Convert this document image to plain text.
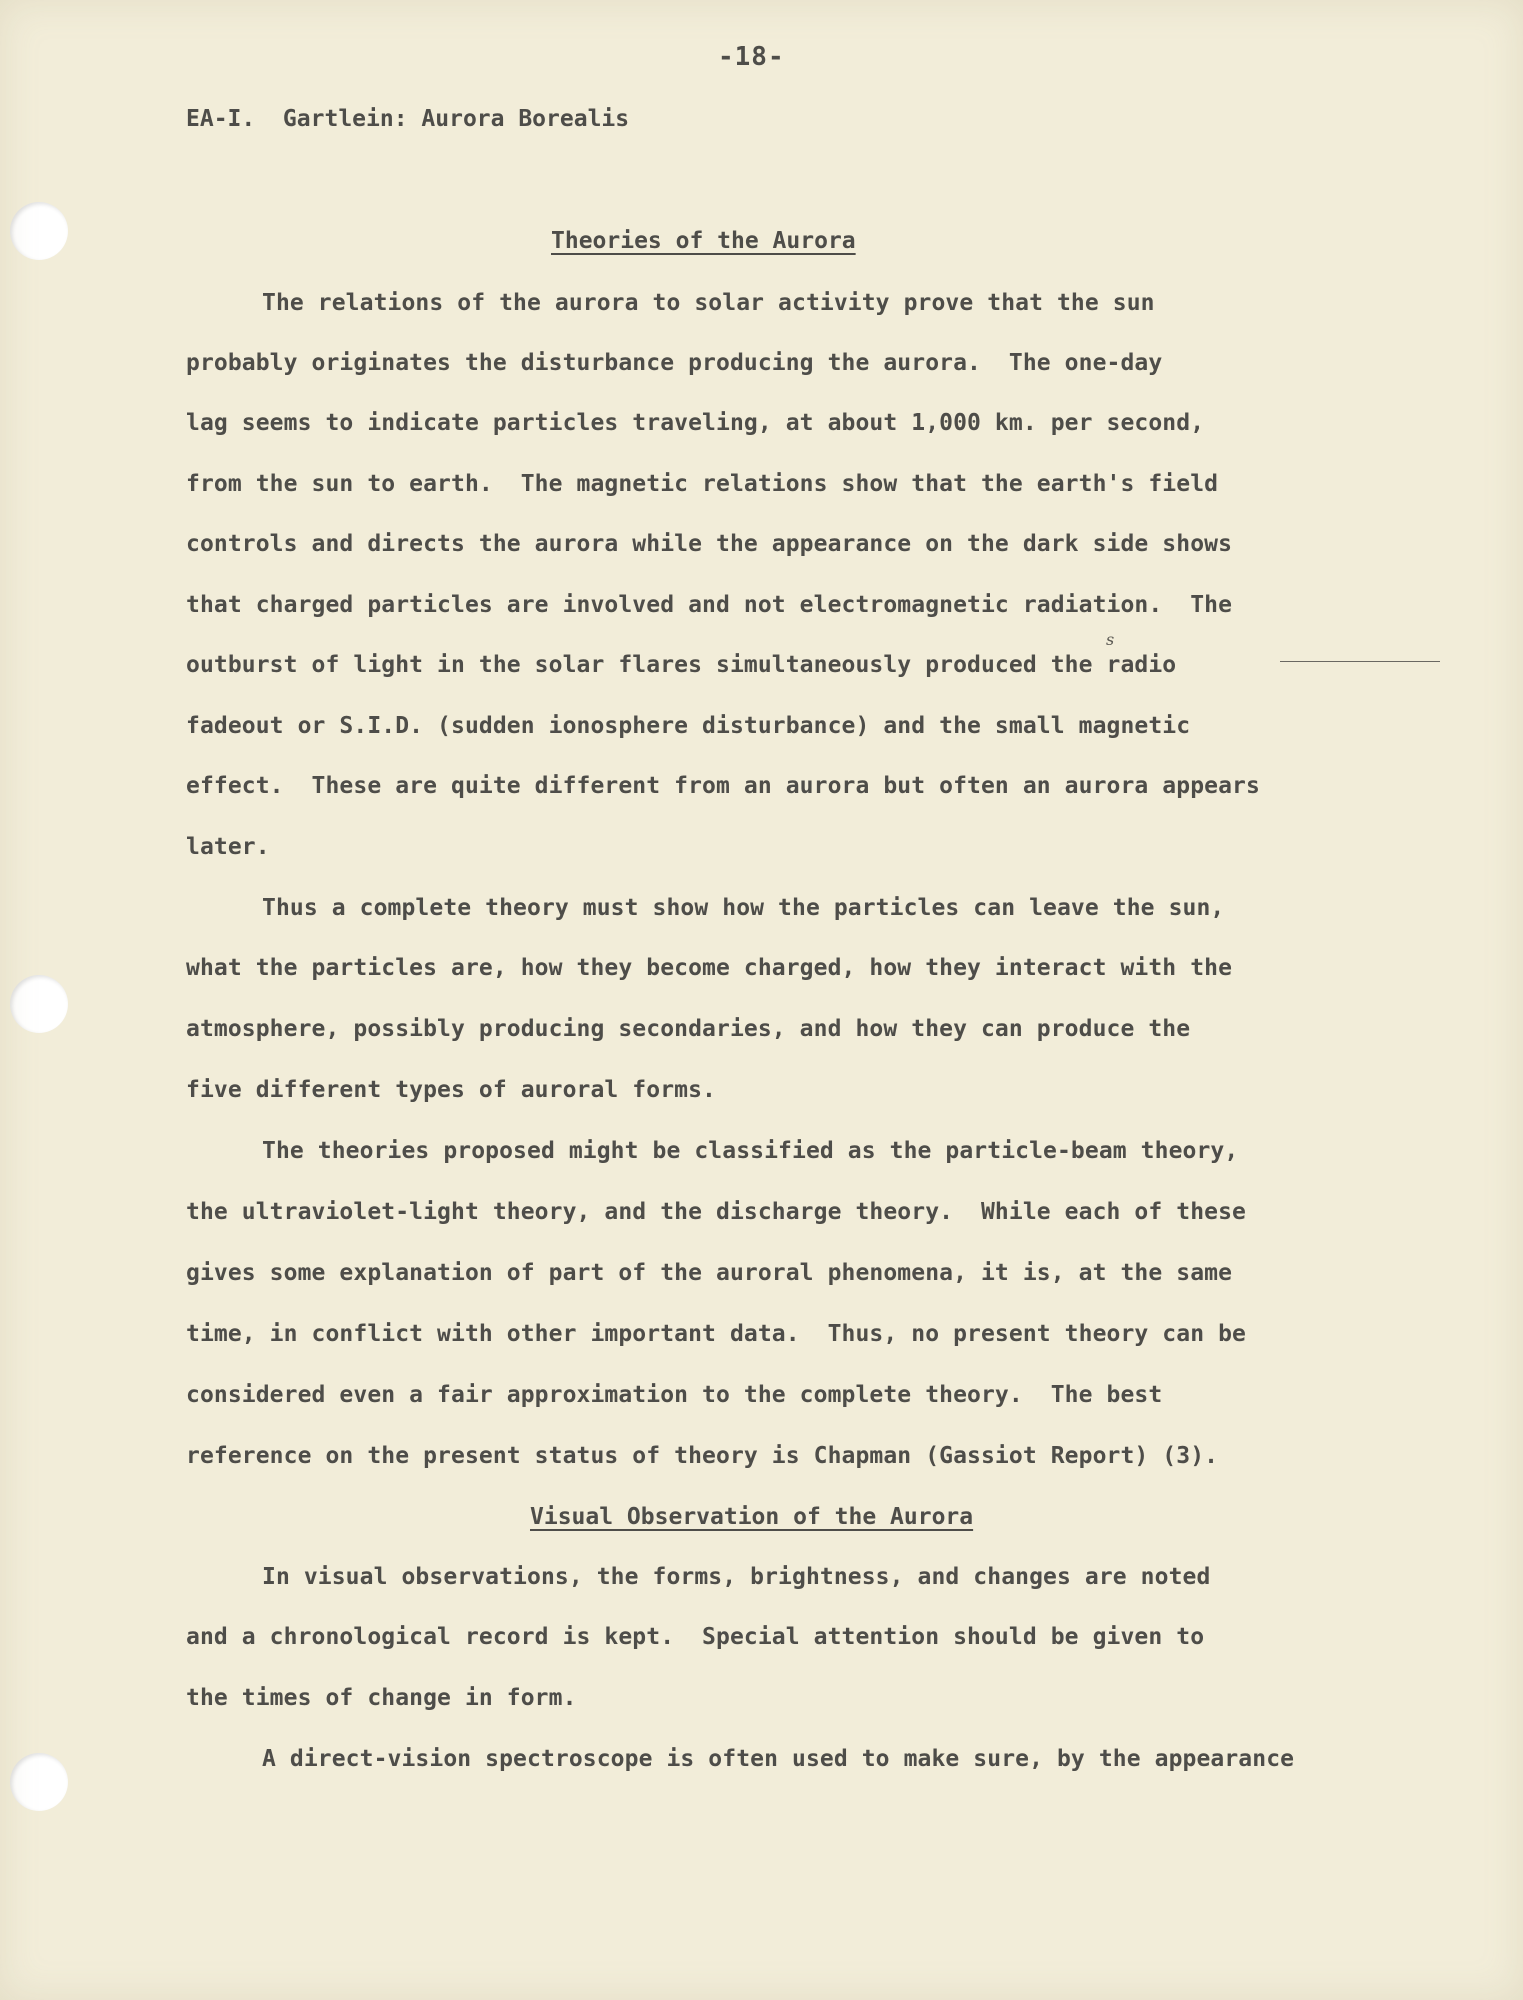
-18-
EA-I.  Gartlein: Aurora Borealis
Theories of the Aurora
The relations of the aurora to solar activity prove that the sun
probably originates the disturbance producing the aurora.  The one-day
lag seems to indicate particles traveling, at about 1,000 km. per second,
from the sun to earth.  The magnetic relations show that the earth's field
controls and directs the aurora while the appearance on the dark side shows
that charged particles are involved and not electromagnetic radiation.  The
outburst of light in the solar flares simultaneously produced the radio
s
fadeout or S.I.D. (sudden ionosphere disturbance) and the small magnetic
effect.  These are quite different from an aurora but often an aurora appears
later.
Thus a complete theory must show how the particles can leave the sun,
what the particles are, how they become charged, how they interact with the
atmosphere, possibly producing secondaries, and how they can produce the
five different types of auroral forms.
The theories proposed might be classified as the particle-beam theory,
the ultraviolet-light theory, and the discharge theory.  While each of these
gives some explanation of part of the auroral phenomena, it is, at the same
time, in conflict with other important data.  Thus, no present theory can be
considered even a fair approximation to the complete theory.  The best
reference on the present status of theory is Chapman (Gassiot Report) (3).
Visual Observation of the Aurora
In visual observations, the forms, brightness, and changes are noted
and a chronological record is kept.  Special attention should be given to
the times of change in form.
A direct-vision spectroscope is often used to make sure, by the appearance
